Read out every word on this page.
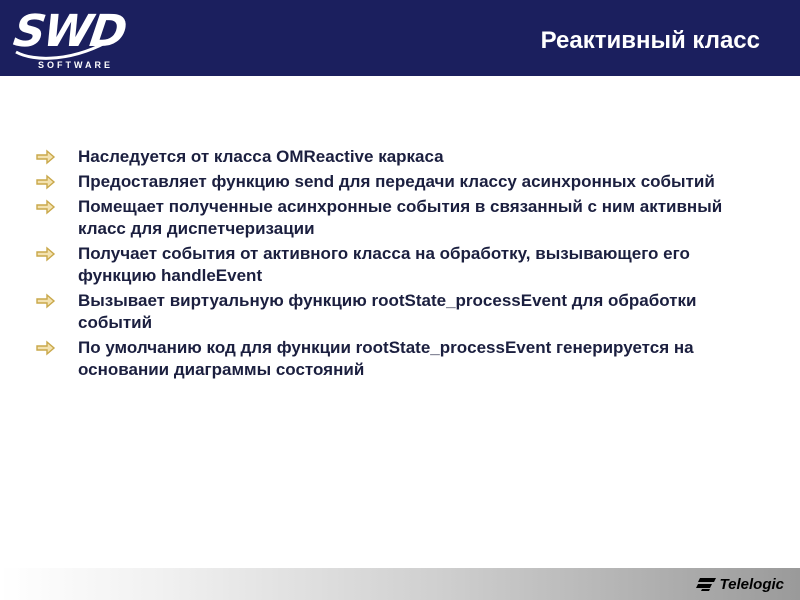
SWD
SOFTWARE
Реактивный класс
Наследуется от класса OMReactive каркаса
Предоставляет функцию send для передачи классу асинхронных событий
Помещает полученные асинхронные события в связанный с ним активный класс для диспетчеризации
Получает события от активного класса на обработку, вызывающего его функцию handleEvent
Вызывает виртуальную функцию rootState_processEvent для обработки событий
По умолчанию код для функции rootState_processEvent генерируется на основании диаграммы состояний
Telelogic
